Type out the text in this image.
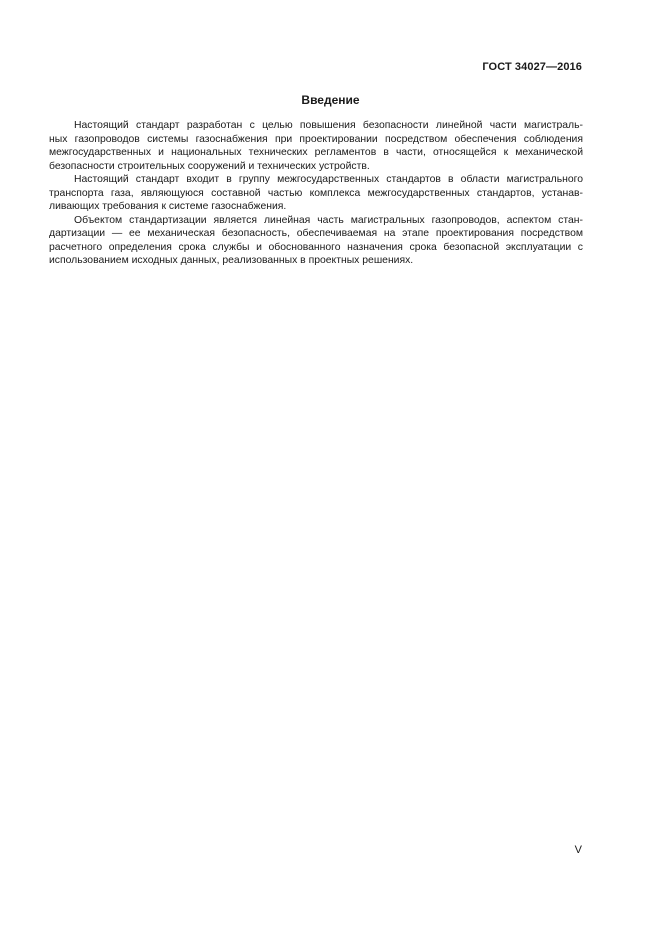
ГОСТ 34027—2016
Введение
Настоящий стандарт разработан с целью повышения безопасности линейной части магистраль-
ных газопроводов системы газоснабжения при проектировании посредством обеспечения соблюдения
межгосударственных и национальных технических регламентов в части, относящейся к механической
безопасности строительных сооружений и технических устройств.
Настоящий стандарт входит в группу межгосударственных стандартов в области магистрального
транспорта газа, являющуюся составной частью комплекса межгосударственных стандартов, устанав-
ливающих требования к системе газоснабжения.
Объектом стандартизации является линейная часть магистральных газопроводов, аспектом стан-
дартизации — ее механическая безопасность, обеспечиваемая на этапе проектирования посредством
расчетного определения срока службы и обоснованного назначения срока безопасной эксплуатации с
использованием исходных данных, реализованных в проектных решениях.
V
